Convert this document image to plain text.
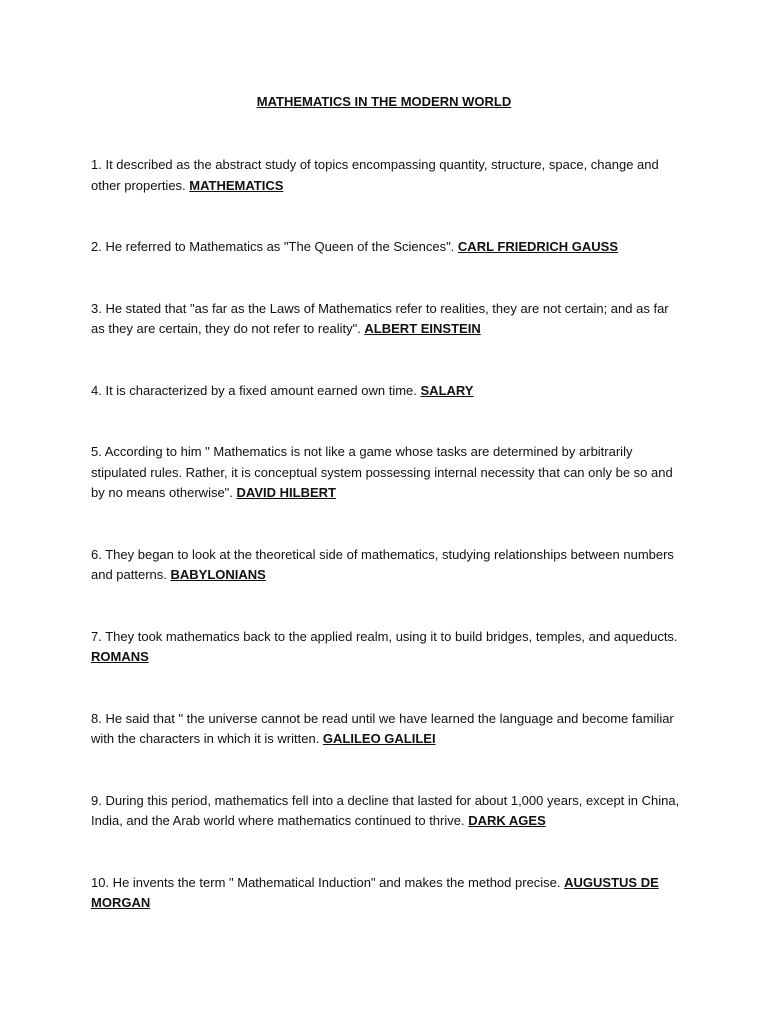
MATHEMATICS IN THE MODERN WORLD

1. It described as the abstract study of topics encompassing quantity, structure, space, change and other properties. MATHEMATICS

2. He referred to Mathematics as "The Queen of the Sciences". CARL FRIEDRICH GAUSS

3. He stated that "as far as the Laws of Mathematics refer to realities, they are not certain; and as far as they are certain, they do not refer to reality". ALBERT EINSTEIN

4. It is characterized by a fixed amount earned own time. SALARY

5. According to him " Mathematics is not like a game whose tasks are determined by arbitrarily stipulated rules. Rather, it is conceptual system possessing internal necessity that can only be so and by no means otherwise". DAVID HILBERT

6. They began to look at the theoretical side of mathematics, studying relationships between numbers and patterns. BABYLONIANS

7. They took mathematics back to the applied realm, using it to build bridges, temples, and aqueducts. ROMANS

8. He said that " the universe cannot be read until we have learned the language and become familiar with the characters in which it is written. GALILEO GALILEI

9. During this period, mathematics fell into a decline that lasted for about 1,000 years, except in China, India, and the Arab world where mathematics continued to thrive. DARK AGES

10. He invents the term " Mathematical Induction" and makes the method precise. AUGUSTUS DE MORGAN
